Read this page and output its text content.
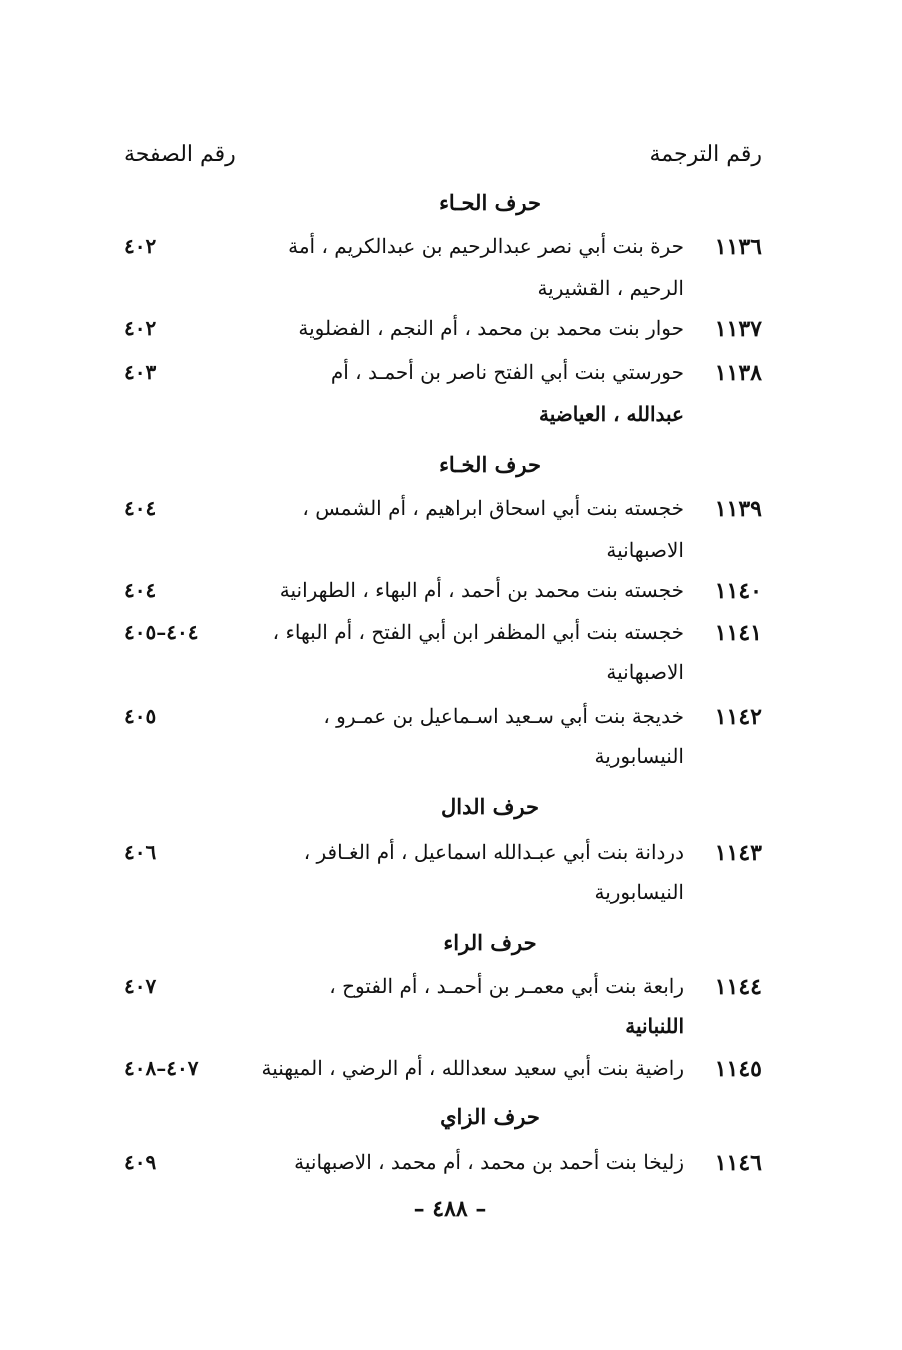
رقم الترجمة
رقم الصفحة
حرف الحـاء
١١٣٦
حرة بنت أبي نصر عبدالرحيم بن عبدالكريم ، أمة
٤٠٢
الرحيم ، القشيرية
١١٣٧
حوار بنت محمد بن محمد ، أم النجم ، الفضلوية
٤٠٢
١١٣٨
حورستي بنت أبي الفتح ناصر بن أحمـد ، أم
٤٠٣
عبدالله ، العياضية
حرف الخـاء
١١٣٩
خجسته بنت أبي اسحاق ابراهيم ، أم الشمس ،
٤٠٤
الاصبهانية
١١٤٠
خجسته بنت محمد بن أحمد ، أم البهاء ، الطهرانية
٤٠٤
١١٤١
خجسته بنت أبي المظفر ابن أبي الفتح ، أم البهاء ،
٤٠٤–٤٠٥
الاصبهانية
١١٤٢
خديجة بنت أبي سـعيد اسـماعيل بن عمـرو ،
٤٠٥
النيسابورية
حرف الدال
١١٤٣
دردانة بنت أبي عبـدالله اسماعيل ، أم الغـافر ،
٤٠٦
النيسابورية
حرف الراء
١١٤٤
رابعة بنت أبي معمـر بن أحمـد ، أم الفتوح ،
٤٠٧
اللنبانية
١١٤٥
راضية بنت أبي سعيد سعدالله ، أم الرضي ، الميهنية
٤٠٧–٤٠٨
حرف الزاي
١١٤٦
زليخا بنت أحمد بن محمد ، أم محمد ، الاصبهانية
٤٠٩
– ٤٨٨ –
